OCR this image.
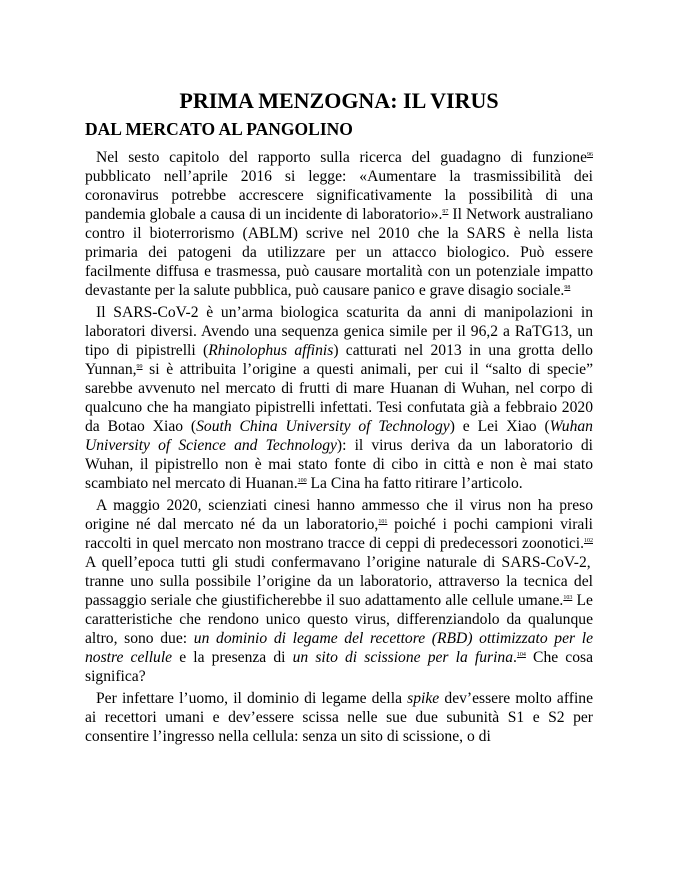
PRIMA MENZOGNA: IL VIRUS
DAL MERCATO AL PANGOLINO

Nel sesto capitolo del rapporto sulla ricerca del guadagno di funzione$^{96}$ pubblicato nell’aprile 2016 si legge: «Aumentare la trasmissibilità dei coronavirus potrebbe accrescere significativamente la possibilità di una pandemia globale a causa di un incidente di laboratorio».$^{97}$ Il Network australiano contro il bioterrorismo (ABLM) scrive nel 2010 che la SARS è nella lista primaria dei patogeni da utilizzare per un attacco biologico. Può essere facilmente diffusa e trasmessa, può causare mortalità con un potenziale impatto devastante per la salute pubblica, può causare panico e grave disagio sociale.$^{98}$

Il SARS-CoV-2 è un’arma biologica scaturita da anni di manipolazioni in laboratori diversi. Avendo una sequenza genica simile per il 96,2 a RaTG13, un tipo di pipistrelli (Rhinolophus affinis) catturati nel 2013 in una grotta dello Yunnan,$^{99}$ si è attribuita l’origine a questi animali, per cui il “salto di specie” sarebbe avvenuto nel mercato di frutti di mare Huanan di Wuhan, nel corpo di qualcuno che ha mangiato pipistrelli infettati. Tesi confutata già a febbraio 2020 da Botao Xiao (South China University of Technology) e Lei Xiao (Wuhan University of Science and Technology): il virus deriva da un laboratorio di Wuhan, il pipistrello non è mai stato fonte di cibo in città e non è mai stato scambiato nel mercato di Huanan.$^{100}$ La Cina ha fatto ritirare l’articolo.

A maggio 2020, scienziati cinesi hanno ammesso che il virus non ha preso origine né dal mercato né da un laboratorio,$^{101}$ poiché i pochi campioni virali raccolti in quel mercato non mostrano tracce di ceppi di predecessori zoonotici.$^{102}$ A quell’epoca tutti gli studi confermavano l’origine naturale di SARS-CoV-2, tranne uno sulla possibile l’origine da un laboratorio, attraverso la tecnica del passaggio seriale che giustificherebbe il suo adattamento alle cellule umane.$^{103}$ Le caratteristiche che rendono unico questo virus, differenziandolo da qualunque altro, sono due: un dominio di legame del recettore (RBD) ottimizzato per le nostre cellule e la presenza di un sito di scissione per la furina.$^{104}$ Che cosa significa?

Per infettare l’uomo, il dominio di legame della spike dev’essere molto affine ai recettori umani e dev’essere scissa nelle sue due subunità S1 e S2 per consentire l’ingresso nella cellula: senza un sito di scissione, o di
